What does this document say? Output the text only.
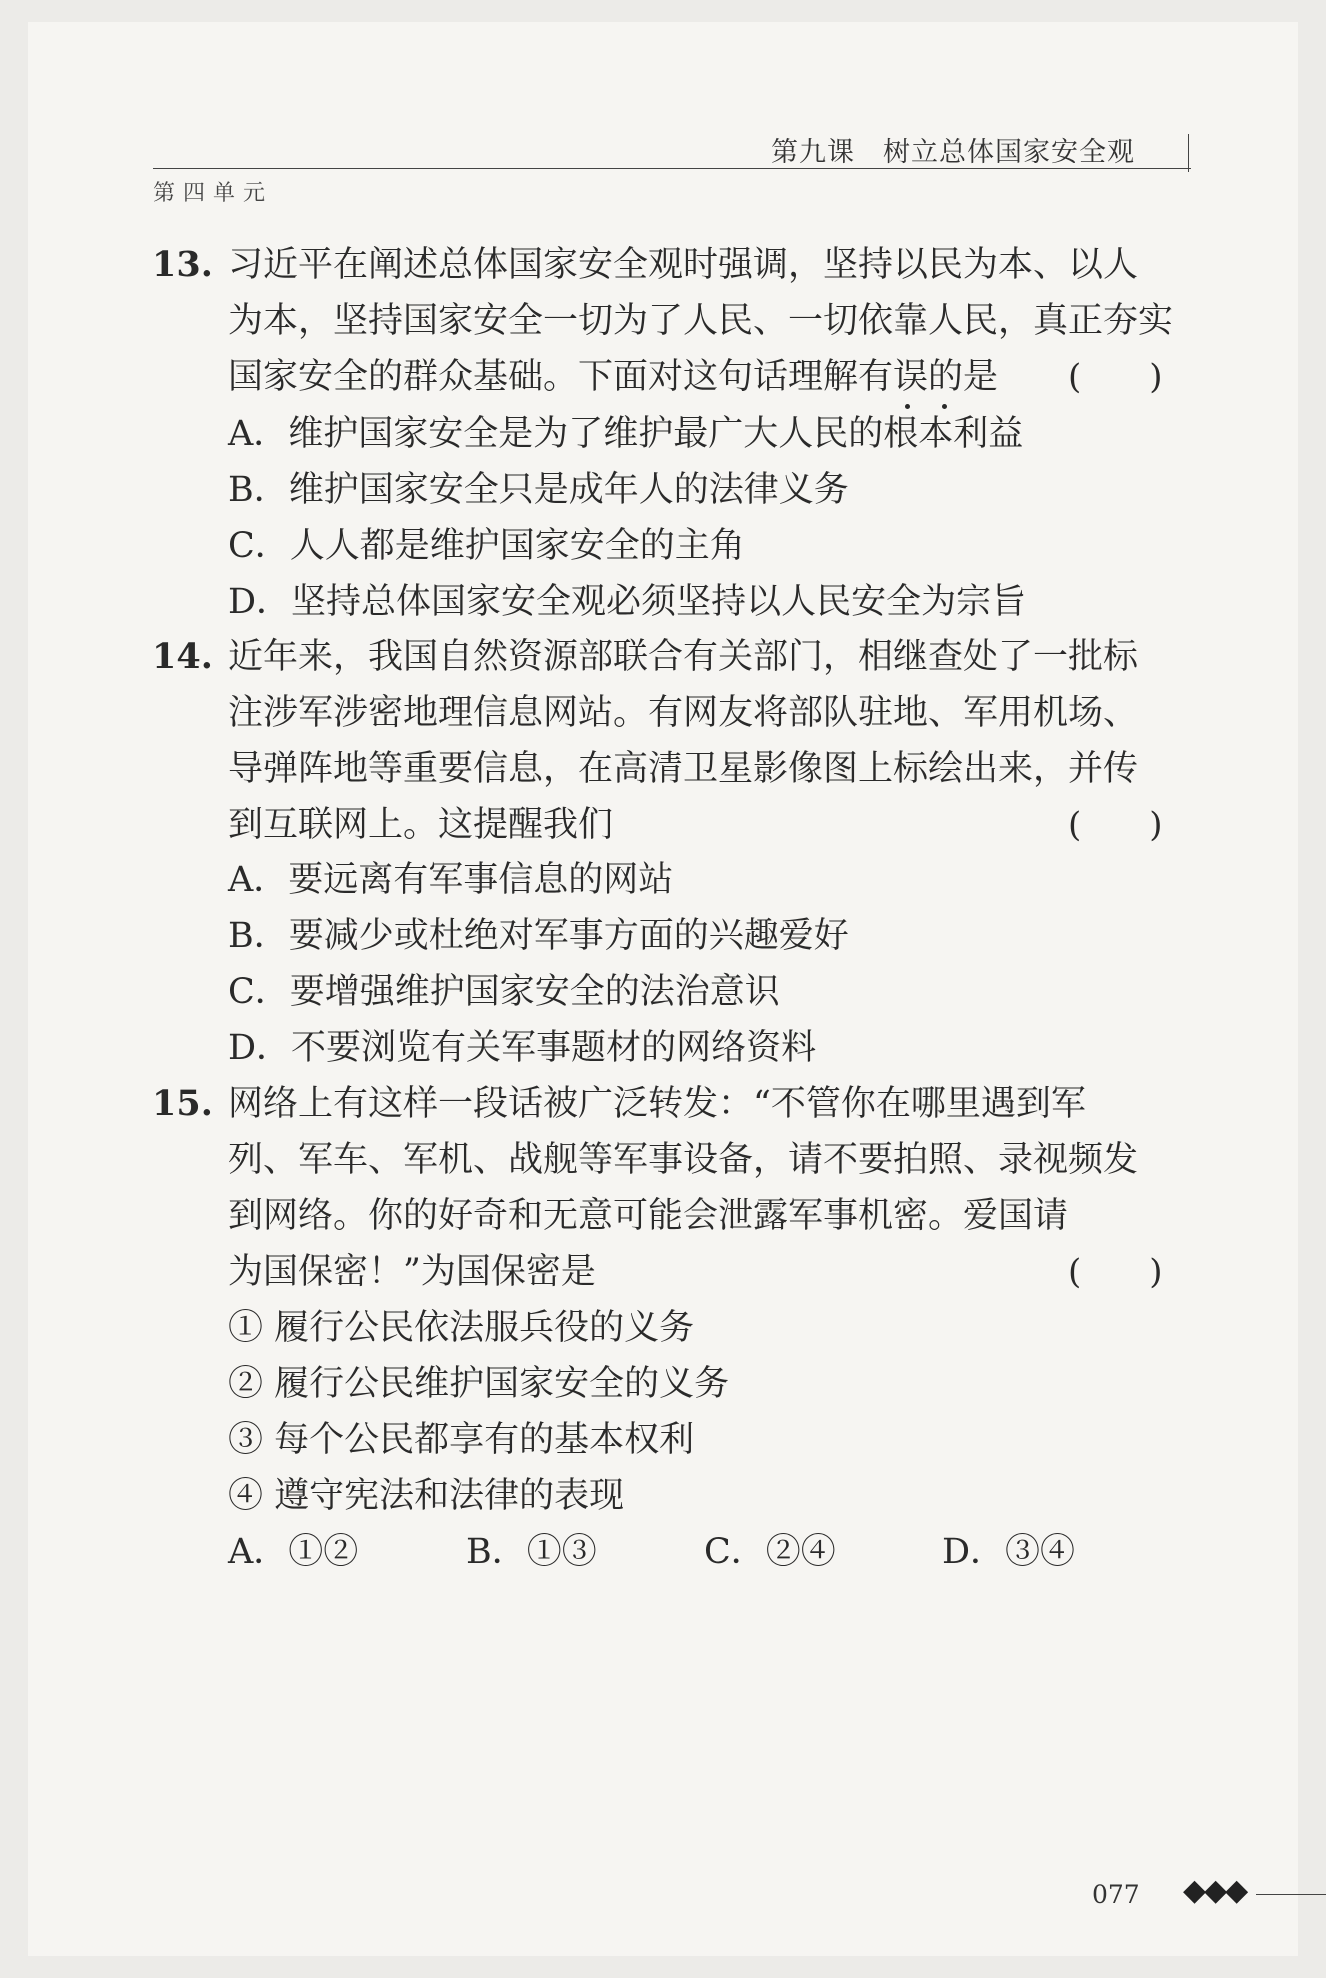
第九课　树立总体国家安全观
第四单元
13. 习近平在阐述总体国家安全观时强调，坚持以民为本、以人
为本，坚持国家安全一切为了人民、一切依靠人民，真正夯实
国家安全的群众基础。下面对这句话理解有误的是	(　　)
A．维护国家安全是为了维护最广大人民的根本利益
B．维护国家安全只是成年人的法律义务
C．人人都是维护国家安全的主角
D．坚持总体国家安全观必须坚持以人民安全为宗旨
14. 近年来，我国自然资源部联合有关部门，相继查处了一批标
注涉军涉密地理信息网站。有网友将部队驻地、军用机场、
导弹阵地等重要信息，在高清卫星影像图上标绘出来，并传
到互联网上。这提醒我们	(　　)
A．要远离有军事信息的网站
B．要减少或杜绝对军事方面的兴趣爱好
C．要增强维护国家安全的法治意识
D．不要浏览有关军事题材的网络资料
15. 网络上有这样一段话被广泛转发：“不管你在哪里遇到军
列、军车、军机、战舰等军事设备，请不要拍照、录视频发
到网络。你的好奇和无意可能会泄露军事机密。爱国请
为国保密！”为国保密是	(　　)
① 履行公民依法服兵役的义务
② 履行公民维护国家安全的义务
③ 每个公民都享有的基本权利
④ 遵守宪法和法律的表现
A．①②	B．①③	C．②④	D．③④
077 ◆◆◆
